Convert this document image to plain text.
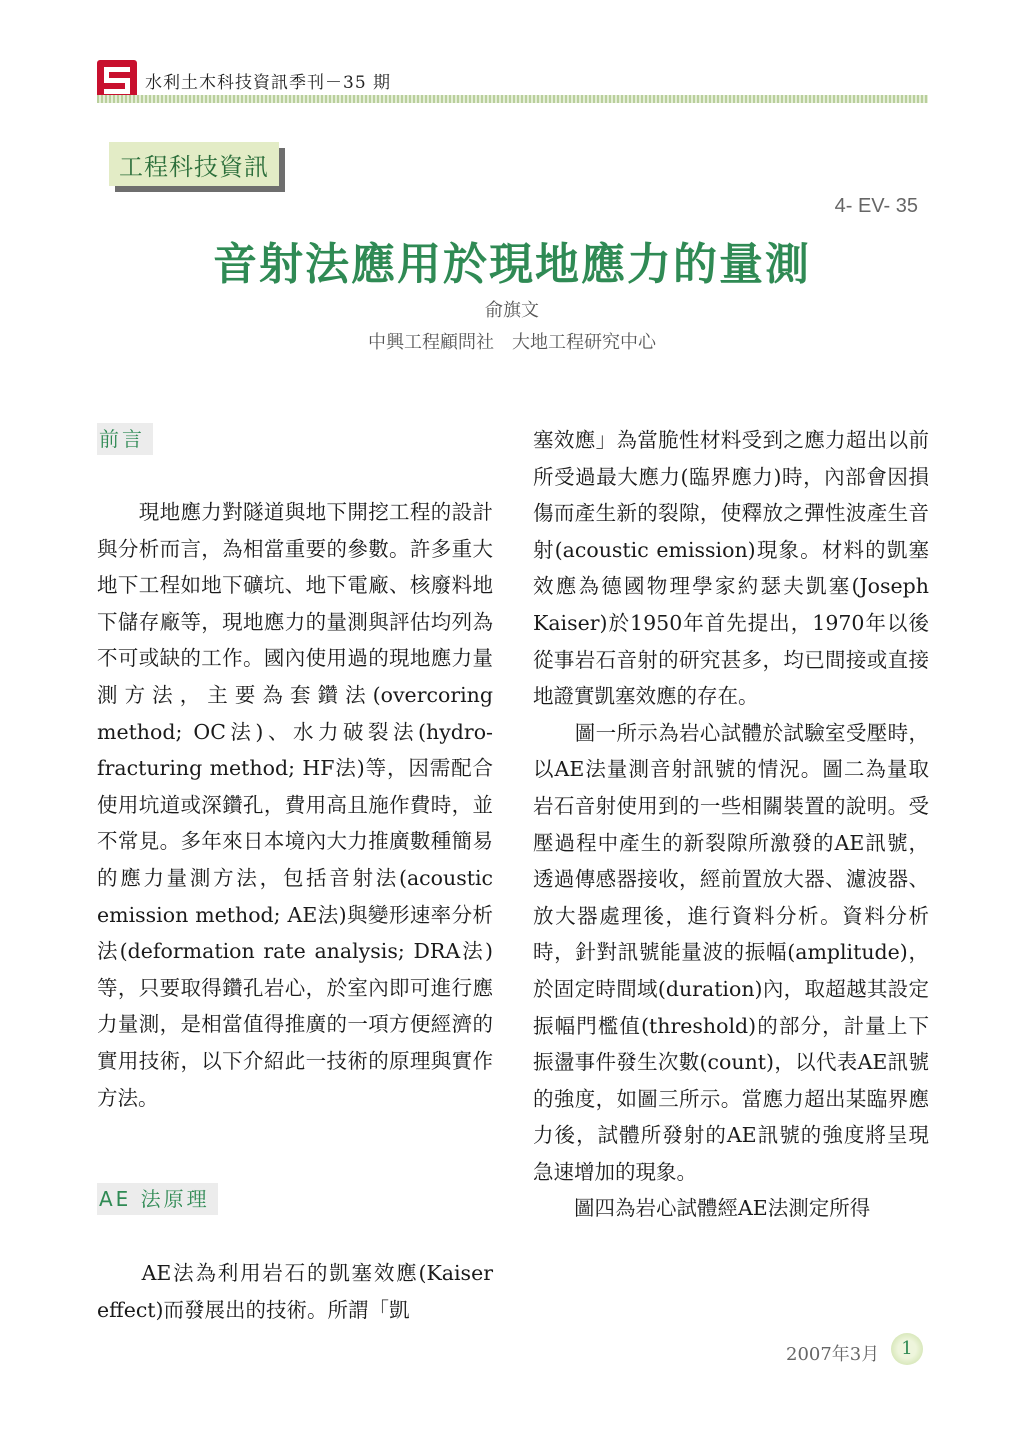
水利土木科技資訊季刊－35 期
工程科技資訊
4- EV- 35
音射法應用於現地應力的量測
俞旗文
中興工程顧問社 大地工程研究中心
前言

　　現地應力對隧道與地下開挖工程的設計與分析而言，為相當重要的參數。許多重大地下工程如地下礦坑、地下電廠、核廢料地下儲存廠等，現地應力的量測與評估均列為不可或缺的工作。國內使用過的現地應力量測方法，主要為套鑽法(overcoring method; OC法)、水力破裂法(hydro-fracturing method; HF法)等，因需配合使用坑道或深鑽孔，費用高且施作費時，並不常見。多年來日本境內大力推廣數種簡易的應力量測方法，包括音射法(acoustic emission method; AE法)與變形速率分析法(deformation rate analysis; DRA法)等，只要取得鑽孔岩心，於室內即可進行應力量測，是相當值得推廣的一項方便經濟的實用技術，以下介紹此一技術的原理與實作方法。

AE 法原理

　　AE法為利用岩石的凱塞效應(Kaiser effect)而發展出的技術。所謂「凱

塞效應」為當脆性材料受到之應力超出以前所受過最大應力(臨界應力)時，內部會因損傷而產生新的裂隙，使釋放之彈性波產生音射(acoustic emission)現象。材料的凱塞效應為德國物理學家約瑟夫凱塞(Joseph Kaiser)於1950年首先提出，1970年以後從事岩石音射的研究甚多，均已間接或直接地證實凱塞效應的存在。

　　圖一所示為岩心試體於試驗室受壓時，以AE法量測音射訊號的情況。圖二為量取岩石音射使用到的一些相關裝置的說明。受壓過程中產生的新裂隙所激發的AE訊號，透過傳感器接收，經前置放大器、濾波器、放大器處理後，進行資料分析。資料分析時，針對訊號能量波的振幅(amplitude)，於固定時間域(duration)內，取超越其設定振幅門檻值(threshold)的部分，計量上下振盪事件發生次數(count)，以代表AE訊號的強度，如圖三所示。當應力超出某臨界應力後，試體所發射的AE訊號的強度將呈現急速增加的現象。

　　圖四為岩心試體經AE法測定所得

2007年3月	1
